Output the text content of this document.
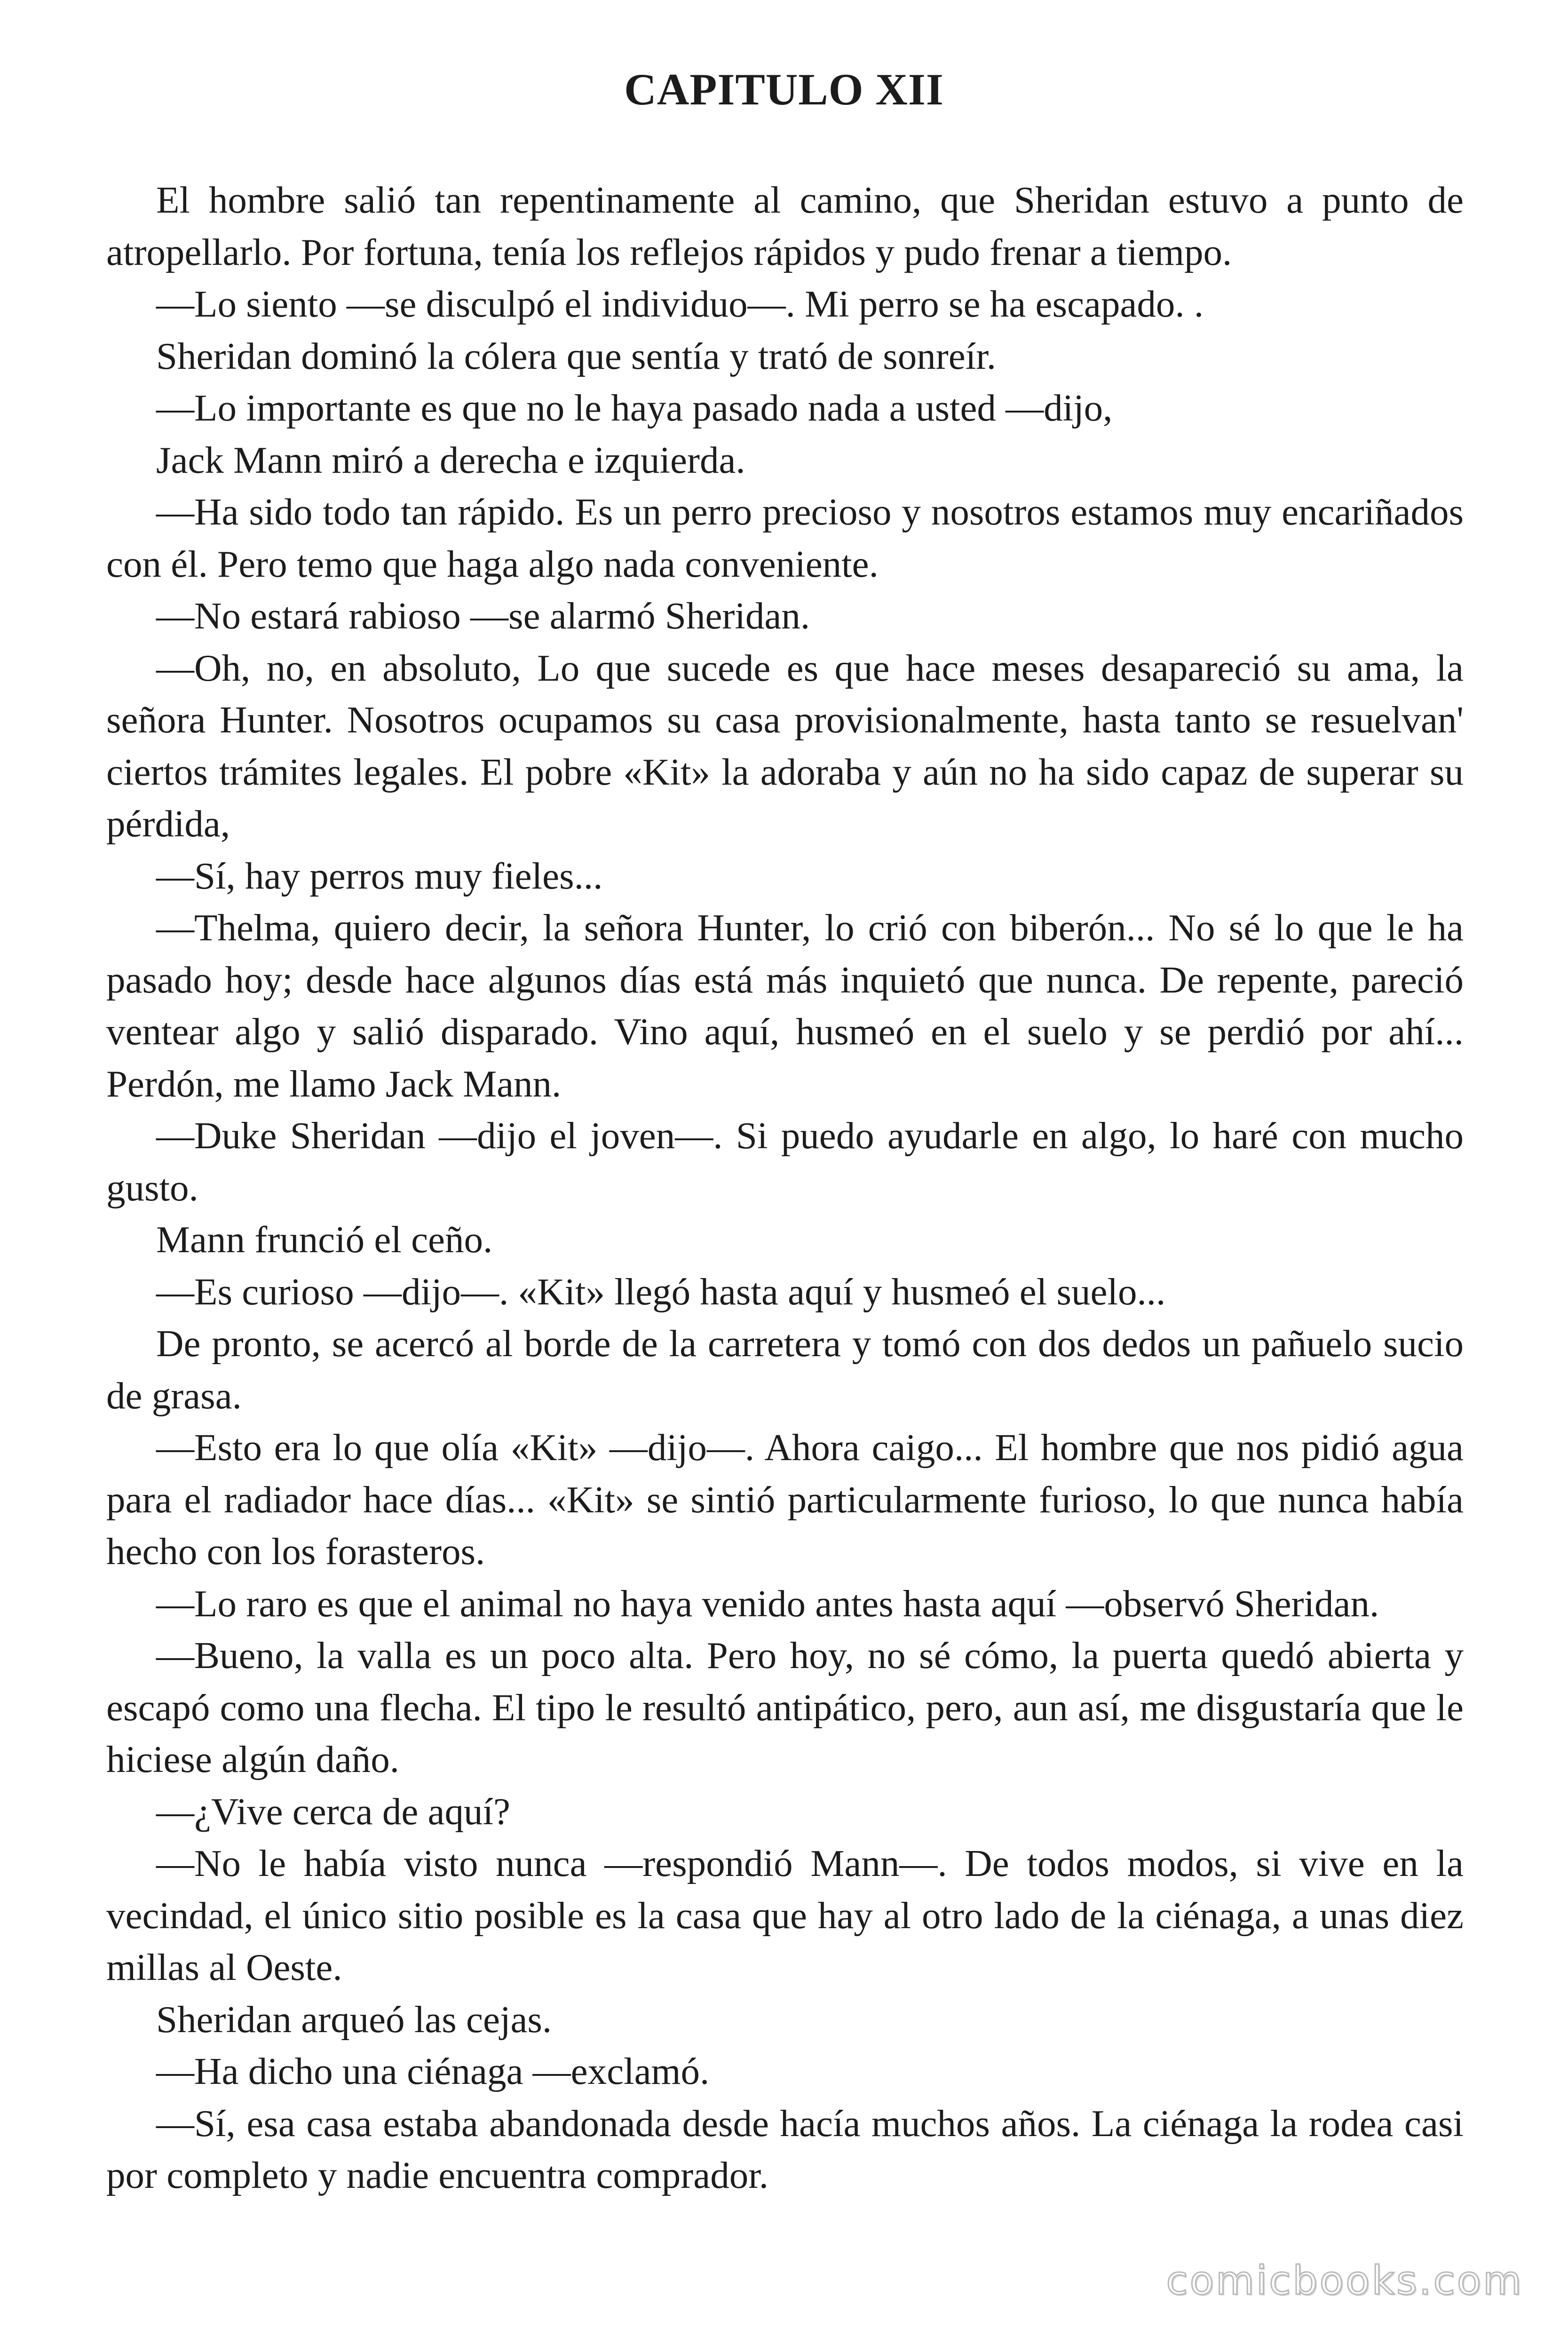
CAPITULO XII

El hombre salió tan repentinamente al camino, que Sheridan estuvo a punto de atropellarlo. Por fortuna, tenía los reflejos rápidos y pudo frenar a tiempo.

—Lo siento —se disculpó el individuo—. Mi perro se ha escapado. .

Sheridan dominó la cólera que sentía y trató de sonreír.

—Lo importante es que no le haya pasado nada a usted —dijo,

Jack Mann miró a derecha e izquierda.

—Ha sido todo tan rápido. Es un perro precioso y nosotros estamos muy encariñados con él. Pero temo que haga algo nada conveniente.

—No estará rabioso —se alarmó Sheridan.

—Oh, no, en absoluto, Lo que sucede es que hace meses desapareció su ama, la señora Hunter. Nosotros ocupamos su casa provisionalmente, hasta tanto se resuelvan' ciertos trámites legales. El pobre «Kit» la adoraba y aún no ha sido capaz de superar su pérdida,

—Sí, hay perros muy fieles...

—Thelma, quiero decir, la señora Hunter, lo crió con biberón... No sé lo que le ha pasado hoy; desde hace algunos días está más inquietó que nunca. De repente, pareció ventear algo y salió disparado. Vino aquí, husmeó en el suelo y se perdió por ahí... Perdón, me llamo Jack Mann.

—Duke Sheridan —dijo el joven—. Si puedo ayudarle en algo, lo haré con mucho gusto.

Mann frunció el ceño.

—Es curioso —dijo—. «Kit» llegó hasta aquí y husmeó el suelo...

De pronto, se acercó al borde de la carretera y tomó con dos dedos un pañuelo sucio de grasa.

—Esto era lo que olía «Kit» —dijo—. Ahora caigo... El hombre que nos pidió agua para el radiador hace días... «Kit» se sintió particularmente furioso, lo que nunca había hecho con los forasteros.

—Lo raro es que el animal no haya venido antes hasta aquí —observó Sheridan.

—Bueno, la valla es un poco alta. Pero hoy, no sé cómo, la puerta quedó abierta y escapó como una flecha. El tipo le resultó antipático, pero, aun así, me disgustaría que le hiciese algún daño.

—¿Vive cerca de aquí?

—No le había visto nunca —respondió Mann—. De todos modos, si vive en la vecindad, el único sitio posible es la casa que hay al otro lado de la ciénaga, a unas diez millas al Oeste.

Sheridan arqueó las cejas.

—Ha dicho una ciénaga —exclamó.

—Sí, esa casa estaba abandonada desde hacía muchos años. La ciénaga la rodea casi por completo y nadie encuentra comprador.

comicbooks.com
